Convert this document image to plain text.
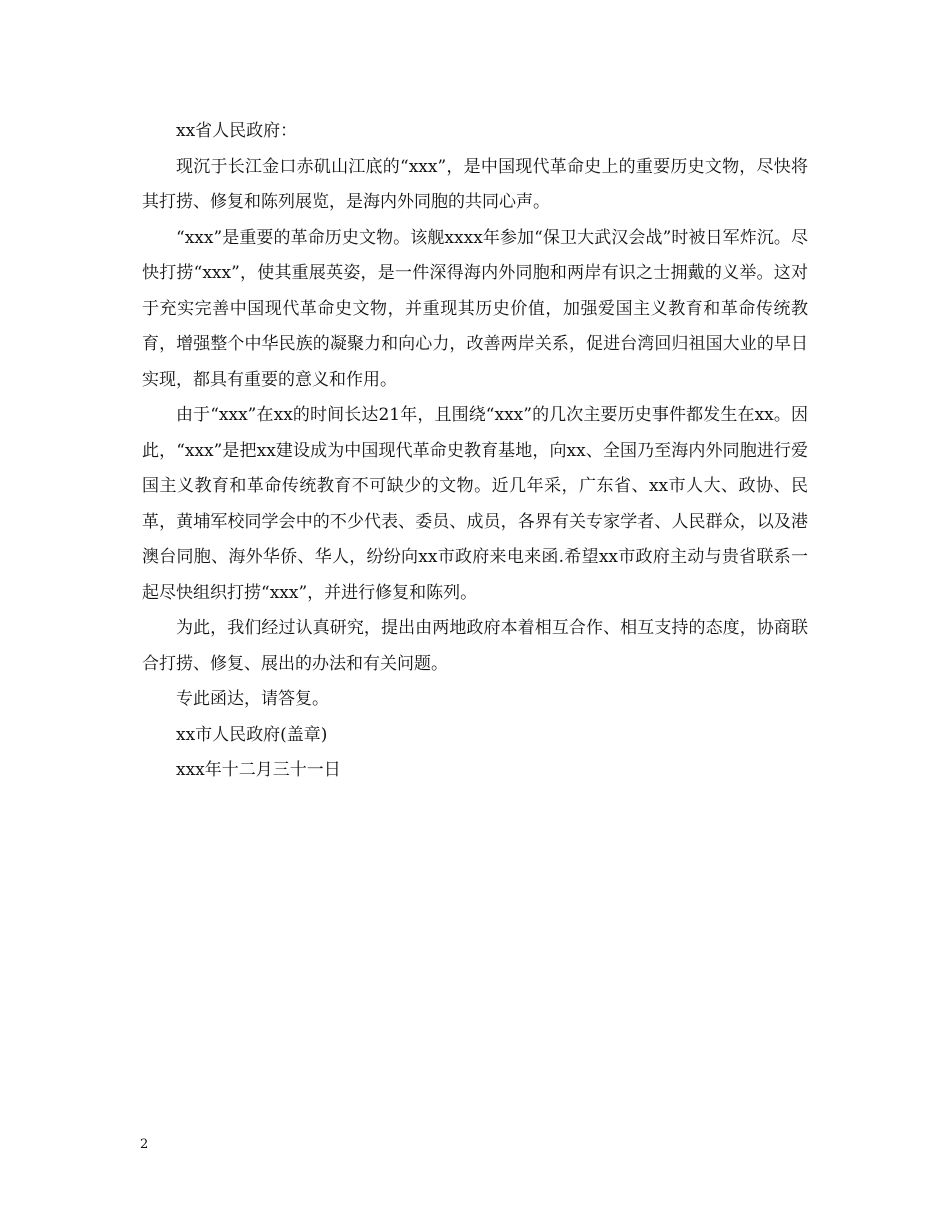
xx省人民政府：

现沉于长江金口赤矶山江底的“xxx”，是中国现代革命史上的重要历史文物，尽快将其打捞、修复和陈列展览，是海内外同胞的共同心声。

“xxx”是重要的革命历史文物。该舰xxxx年参加“保卫大武汉会战”时被日军炸沉。尽快打捞“xxx”，使其重展英姿，是一件深得海内外同胞和两岸有识之士拥戴的义举。这对于充实完善中国现代革命史文物，并重现其历史价值，加强爱国主义教育和革命传统教育，增强整个中华民族的凝聚力和向心力，改善两岸关系，促进台湾回归祖国大业的早日实现，都具有重要的意义和作用。

由于“xxx”在xx的时间长达21年，且围绕“xxx”的几次主要历史事件都发生在xx。因此，“xxx”是把xx建设成为中国现代革命史教育基地，向xx、全国乃至海内外同胞进行爱国主义教育和革命传统教育不可缺少的文物。近几年采，广东省、xx市人大、政协、民革，黄埔军校同学会中的不少代表、委员、成员，各界有关专家学者、人民群众，以及港澳台同胞、海外华侨、华人，纷纷向xx市政府来电来函.希望xx市政府主动与贵省联系一起尽快组织打捞“xxx”，并进行修复和陈列。

为此，我们经过认真研究，提出由两地政府本着相互合作、相互支持的态度，协商联合打捞、修复、展出的办法和有关问题。

专此函达，请答复。

xx市人民政府(盖章)

xxx年十二月三十一日

2
